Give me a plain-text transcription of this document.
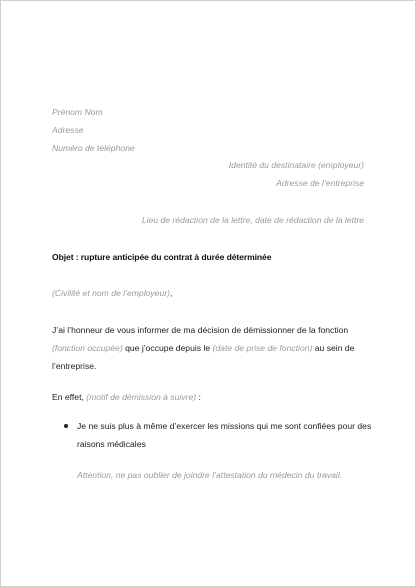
Prénom Nom
Adresse
Numéro de téléphone
Identité du destinataire (employeur)
Adresse de l’entreprise
Lieu de rédaction de la lettre, date de rédaction de la lettre
Objet : rupture anticipée du contrat à durée déterminée
(Civilité et nom de l’employeur),
J’ai l’honneur de vous informer de ma décision de démissionner de la fonction
(fonction occupée) que j’occupe depuis le (date de prise de fonction) au sein de
l’entreprise.
En effet, (motif de démission à suivre) :
Je ne suis plus à même d’exercer les missions qui me sont confiées pour des
raisons médicales
Attention, ne pas oublier de joindre l’attestation du médecin du travail.
